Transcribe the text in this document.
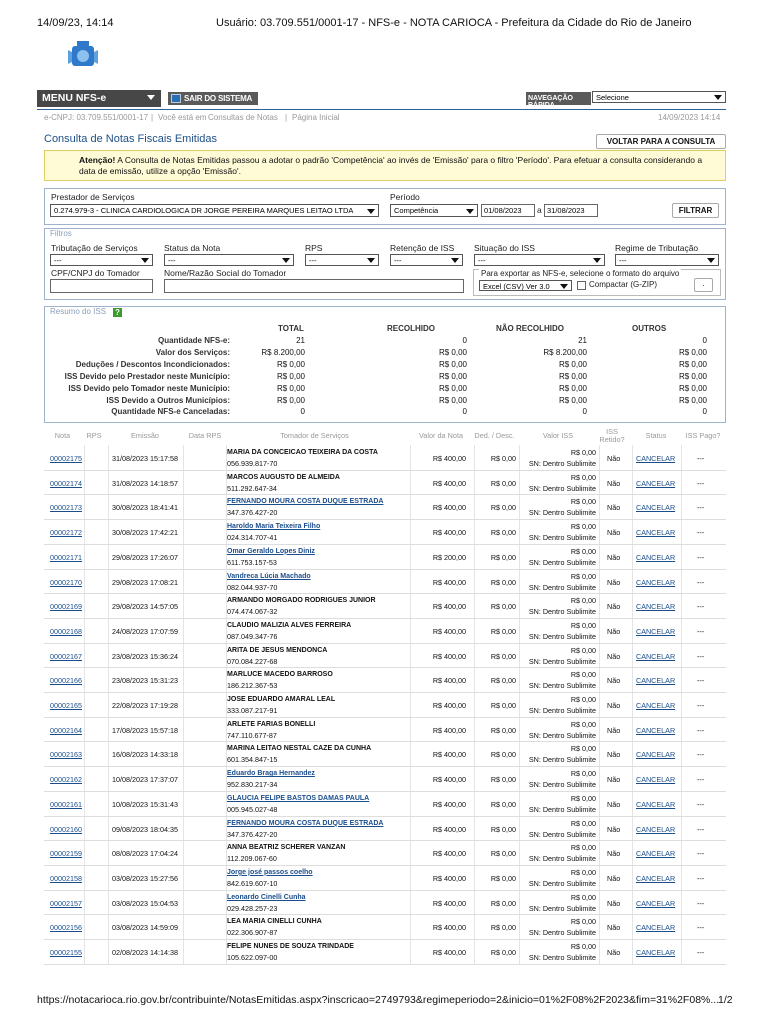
14/09/23, 14:14	Usuário: 03.709.551/0001-17 - NFS-e - NOTA CARIOCA - Prefeitura da Cidade do Rio de Janeiro
MENU NFS-e	SAIR DO SISTEMA	NAVEGAÇÃO RÁPIDA
Selecione
e-CNPJ: 03.709.551/0001-17 | Você está em Consultas de Notas | Página Inicial	14/09/2023 14:14
Consulta de Notas Fiscais Emitidas	VOLTAR PARA A CONSULTA
Atenção! A Consulta de Notas Emitidas passou a adotar o padrão 'Competência' ao invés de 'Emissão' para o filtro 'Período'. Para efetuar a consulta considerando a data de emissão, utilize a opção 'Emissão'.
Prestador de Serviços
0.274.979-3 - CLINICA CARDIOLOGICA DR JORGE PEREIRA MARQUES LEITAO LTDA
Período
Competência	01/08/2023	a 31/08/2023	FILTRAR
Filtros
Tributação de Serviços
---
Status da Nota
---
RPS
---
Retenção de ISS
---
Situação do ISS
---
Regime de Tributação
---
CPF/CNPJ do Tomador	Nome/Razão Social do Tomador	Para exportar as NFS-e, selecione o formato do arquivo
Excel (CSV) Ver 3.0	Compactar (G-ZIP)	.
Resumo do ISS ?
TOTAL	RECOLHIDO	NÃO RECOLHIDO	OUTROS
Quantidade NFS-e:	21	0	21	0
Valor dos Serviços:	R$ 8.200,00	R$ 0,00	R$ 8.200,00	R$ 0,00
Deduções / Descontos Incondicionados:	R$ 0,00	R$ 0,00	R$ 0,00	R$ 0,00
ISS Devido pelo Prestador neste Município:	R$ 0,00	R$ 0,00	R$ 0,00	R$ 0,00
ISS Devido pelo Tomador neste Município:	R$ 0,00	R$ 0,00	R$ 0,00	R$ 0,00
ISS Devido a Outros Municípios:	R$ 0,00	R$ 0,00	R$ 0,00	R$ 0,00
Quantidade NFS-e Canceladas:	0	0	0	0
Nota	RPS	Emissão	Data RPS	Tomador de Serviços	Valor da Nota	Ded. / Desc.	Valor ISS	ISS Retido?	Status	ISS Pago?
00002175	31/08/2023 15:17:58
MARIA DA CONCEICAO TEIXEIRA DA COSTA
056.939.817-70
R$ 400,00	R$ 0,00
R$ 0,00
SN: Dentro Sublimite
Não CANCELAR	---
00002174	31/08/2023 14:18:57
MARCOS AUGUSTO DE ALMEIDA
511.292.647-34
R$ 400,00	R$ 0,00
R$ 0,00
SN: Dentro Sublimite
Não CANCELAR	---
00002173	30/08/2023 18:41:41
FERNANDO MOURA COSTA DUQUE ESTRADA
347.376.427-20
R$ 400,00	R$ 0,00
R$ 0,00
SN: Dentro Sublimite
Não CANCELAR	---
00002172	30/08/2023 17:42:21
Haroldo Maria Teixeira Filho
024.314.707-41
R$ 400,00	R$ 0,00
R$ 0,00
SN: Dentro Sublimite
Não CANCELAR	---
00002171	29/08/2023 17:26:07
Omar Geraldo Lopes Diniz
611.753.157-53
R$ 200,00	R$ 0,00
R$ 0,00
SN: Dentro Sublimite
Não CANCELAR	---
00002170	29/08/2023 17:08:21
Vandreca Lúcia Machado
082.044.937-70
R$ 400,00	R$ 0,00
R$ 0,00
SN: Dentro Sublimite
Não CANCELAR	---
00002169	29/08/2023 14:57:05
ARMANDO MORGADO RODRIGUES JUNIOR
074.474.067-32
R$ 400,00	R$ 0,00
R$ 0,00
SN: Dentro Sublimite
Não CANCELAR	---
00002168	24/08/2023 17:07:59
CLAUDIO MALIZIA ALVES FERREIRA
087.049.347-76
R$ 400,00	R$ 0,00
R$ 0,00
SN: Dentro Sublimite
Não CANCELAR	---
00002167	23/08/2023 15:36:24
ARITA DE JESUS MENDONCA
070.084.227-68
R$ 400,00	R$ 0,00
R$ 0,00
SN: Dentro Sublimite
Não CANCELAR	---
00002166	23/08/2023 15:31:23
MARLUCE MACEDO BARROSO
186.212.367-53
R$ 400,00	R$ 0,00
R$ 0,00
SN: Dentro Sublimite
Não CANCELAR	---
00002165	22/08/2023 17:19:28
JOSE EDUARDO AMARAL LEAL
333.087.217-91
R$ 400,00	R$ 0,00
R$ 0,00
SN: Dentro Sublimite
Não CANCELAR	---
00002164	17/08/2023 15:57:18
ARLETE FARIAS BONELLI
747.110.677-87
R$ 400,00	R$ 0,00
R$ 0,00
SN: Dentro Sublimite
Não CANCELAR	---
00002163	16/08/2023 14:33:18
MARINA LEITAO NESTAL CAZE DA CUNHA
601.354.847-15
R$ 400,00	R$ 0,00
R$ 0,00
SN: Dentro Sublimite
Não CANCELAR	---
00002162	10/08/2023 17:37:07
Eduardo Braga Hernandez
952.830.217-34
R$ 400,00	R$ 0,00
R$ 0,00
SN: Dentro Sublimite
Não CANCELAR	---
00002161	10/08/2023 15:31:43
GLAUCIA FELIPE BASTOS DAMAS PAULA
005.945.027-48
R$ 400,00	R$ 0,00
R$ 0,00
SN: Dentro Sublimite
Não CANCELAR	---
00002160	09/08/2023 18:04:35
FERNANDO MOURA COSTA DUQUE ESTRADA
347.376.427-20
R$ 400,00	R$ 0,00
R$ 0,00
SN: Dentro Sublimite
Não CANCELAR	---
00002159	08/08/2023 17:04:24
ANNA BEATRIZ SCHERER VANZAN
112.209.067-60
R$ 400,00	R$ 0,00
R$ 0,00
SN: Dentro Sublimite
Não CANCELAR	---
00002158	03/08/2023 15:27:56
Jorge josé passos coelho
842.619.607-10
R$ 400,00	R$ 0,00
R$ 0,00
SN: Dentro Sublimite
Não CANCELAR	---
00002157	03/08/2023 15:04:53
Leonardo Cinelli Cunha
029.428.257-23
R$ 400,00	R$ 0,00
R$ 0,00
SN: Dentro Sublimite
Não CANCELAR	---
00002156	03/08/2023 14:59:09
LEA MARIA CINELLI CUNHA
022.306.907-87
R$ 400,00	R$ 0,00
R$ 0,00
SN: Dentro Sublimite
Não CANCELAR	---
00002155	02/08/2023 14:14:38
FELIPE NUNES DE SOUZA TRINDADE
105.622.097-00
R$ 400,00	R$ 0,00
R$ 0,00
SN: Dentro Sublimite
Não CANCELAR	---
https://notacarioca.rio.gov.br/contribuinte/NotasEmitidas.aspx?inscricao=2749793&regimeperiodo=2&inicio=01%2F08%2F2023&fim=31%2F08%...
1/2
